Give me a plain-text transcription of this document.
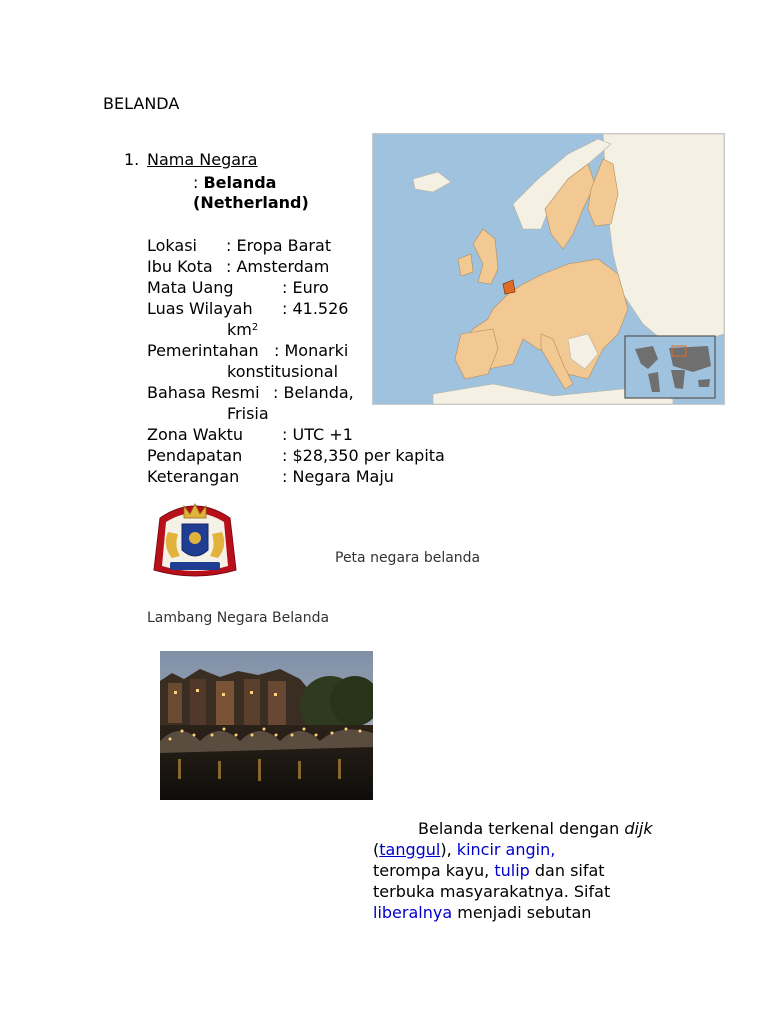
BELANDA
1. Nama Negara
: Belanda
(Netherland)
Lokasi : Eropa Barat
Ibu Kota : Amsterdam
Mata Uang	: Euro
Luas Wilayah : 41.526
$km^2$
Pemerintahan : Monarki
konstitusional
Bahasa Resmi : Belanda,
Frisia
Zona Waktu : UTC +1
Pendapatan : $28,350 per kapita
Keterangan	: Negara Maju
Peta negara belanda
Lambang Negara Belanda
Belanda terkenal dengan dijk (tanggul), kincir angin,
terompa kayu, tulip dan sifat terbuka masyarakatnya. Sifat liberalnya menjadi sebutan
